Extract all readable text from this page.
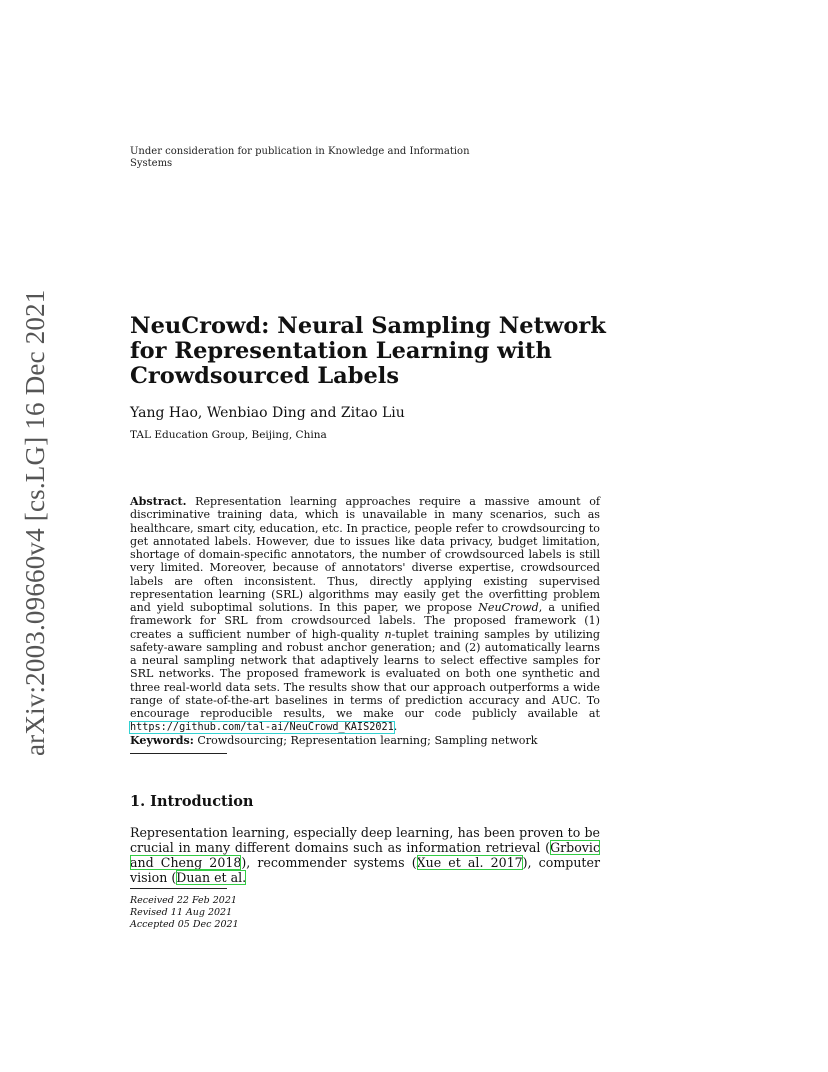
Under consideration for publication in Knowledge and Information
Systems
arXiv:2003.09660v4 [cs.LG] 16 Dec 2021	NeuCrowd: Neural Sampling Network
for Representation Learning with
Crowdsourced Labels
Yang Hao, Wenbiao Ding and Zitao Liu
TAL Education Group, Beijing, China
Abstract. Representation learning approaches require a massive amount of discriminative training data, which is unavailable in many scenarios, such as healthcare, smart city, education, etc. In practice, people refer to crowdsourcing to get annotated labels. However, due to issues like data privacy, budget limitation, shortage of domain-specific annotators, the number of crowdsourced labels is still very limited. Moreover, because of annotators' diverse expertise, crowdsourced labels are often inconsistent. Thus, directly applying existing supervised representation learning (SRL) algorithms may easily get the overfitting problem and yield suboptimal solutions. In this paper, we propose NeuCrowd, a unified framework for SRL from crowdsourced labels. The proposed framework (1) creates a sufficient number of high-quality n-tuplet training samples by utilizing safety-aware sampling and robust anchor generation; and (2) automatically learns a neural sampling network that adaptively learns to select effective samples for SRL networks. The proposed framework is evaluated on both one synthetic and three real-world data sets. The results show that our approach outperforms a wide range of state-of-the-art baselines in terms of prediction accuracy and AUC. To encourage reproducible results, we make our code publicly available at https://github.com/tal-ai/NeuCrowd_KAIS2021.
Keywords: Crowdsourcing; Representation learning; Sampling network
1. Introduction
Representation learning, especially deep learning, has been proven to be crucial in many different domains such as information retrieval (Grbovic and Cheng 2018), recommender systems (Xue et al. 2017), computer vision (Duan et al.
Received 22 Feb 2021
Revised 11 Aug 2021
Accepted 05 Dec 2021
